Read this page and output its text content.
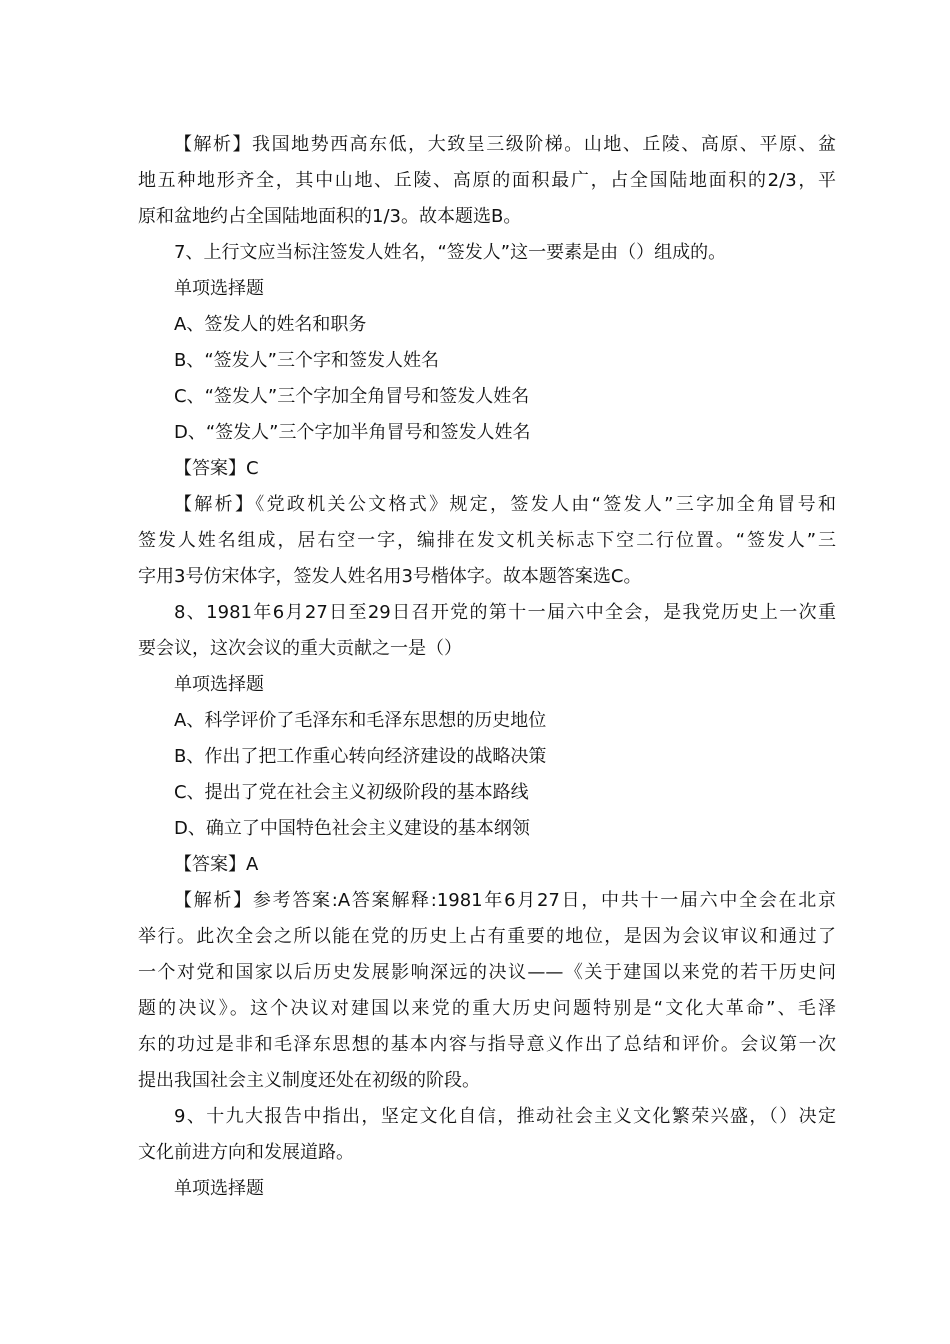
【解析】我国地势西高东低，大致呈三级阶梯。山地、丘陵、高原、平原、盆
地五种地形齐全，其中山地、丘陵、高原的面积最广，占全国陆地面积的2/3，平
原和盆地约占全国陆地面积的1/3。故本题选B。
7、上行文应当标注签发人姓名，“签发人”这一要素是由（）组成的。
单项选择题
A、签发人的姓名和职务
B、“签发人”三个字和签发人姓名
C、“签发人”三个字加全角冒号和签发人姓名
D、“签发人”三个字加半角冒号和签发人姓名
【答案】C
【解析】《党政机关公文格式》规定，签发人由“签发人”三字加全角冒号和
签发人姓名组成，居右空一字，编排在发文机关标志下空二行位置。“签发人”三
字用3号仿宋体字，签发人姓名用3号楷体字。故本题答案选C。
8、1981年6月27日至29日召开党的第十一届六中全会，是我党历史上一次重
要会议，这次会议的重大贡献之一是（）
单项选择题
A、科学评价了毛泽东和毛泽东思想的历史地位
B、作出了把工作重心转向经济建设的战略决策
C、提出了党在社会主义初级阶段的基本路线
D、确立了中国特色社会主义建设的基本纲领
【答案】A
【解析】参考答案:A答案解释:1981年6月27日，中共十一届六中全会在北京
举行。此次全会之所以能在党的历史上占有重要的地位，是因为会议审议和通过了
一个对党和国家以后历史发展影响深远的决议——《关于建国以来党的若干历史问
题的决议》。这个决议对建国以来党的重大历史问题特别是“文化大革命”、毛泽
东的功过是非和毛泽东思想的基本内容与指导意义作出了总结和评价。会议第一次
提出我国社会主义制度还处在初级的阶段。
9、十九大报告中指出，坚定文化自信，推动社会主义文化繁荣兴盛，（）决定
文化前进方向和发展道路。
单项选择题
